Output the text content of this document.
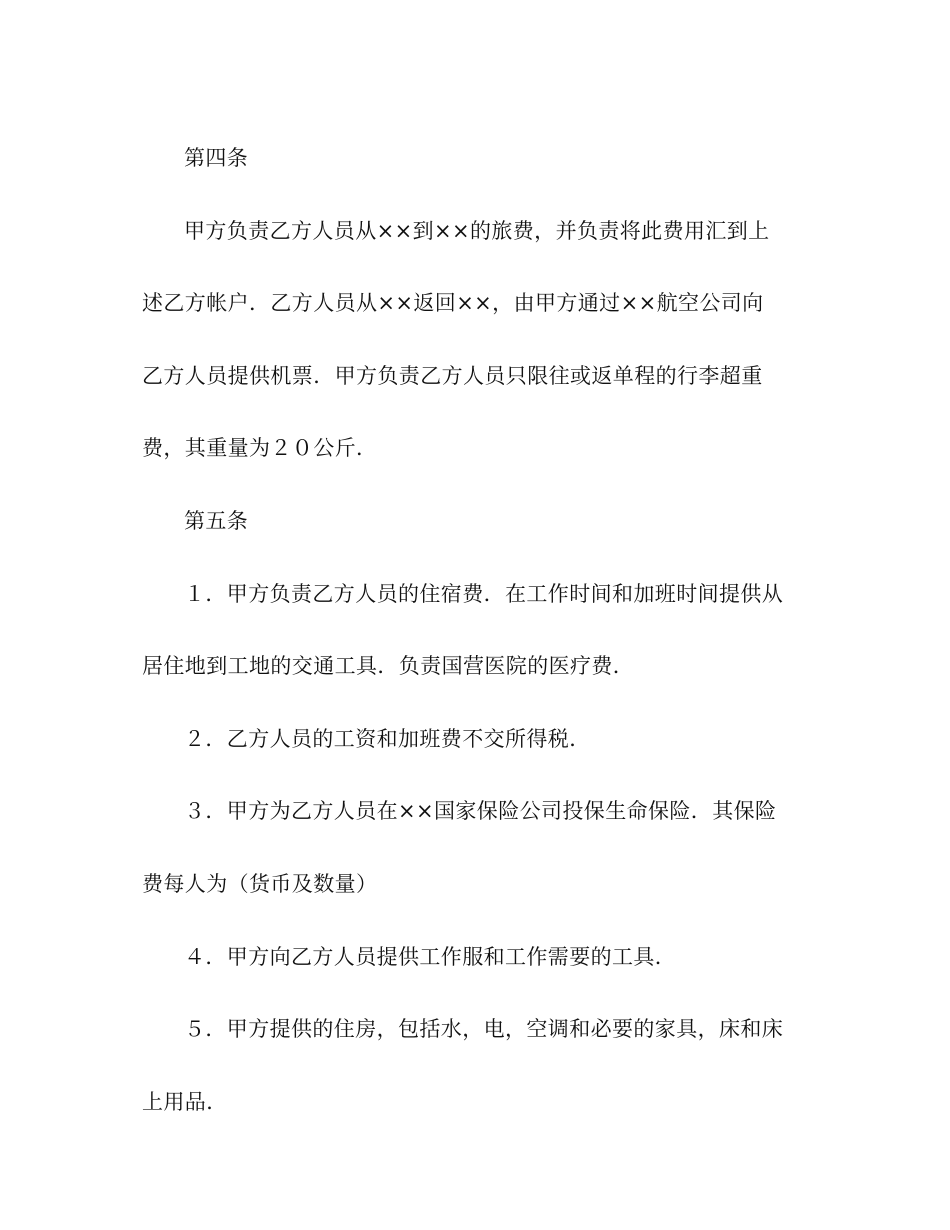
第四条
甲方负责乙方人员从××到××的旅费，并负责将此费用汇到上
述乙方帐户．乙方人员从××返回××，由甲方通过××航空公司向
乙方人员提供机票．甲方负责乙方人员只限往或返单程的行李超重
费，其重量为２０公斤．
第五条
１．甲方负责乙方人员的住宿费．在工作时间和加班时间提供从
居住地到工地的交通工具．负责国营医院的医疗费．
２．乙方人员的工资和加班费不交所得税．
３．甲方为乙方人员在××国家保险公司投保生命保险．其保险
费每人为（货币及数量）
４．甲方向乙方人员提供工作服和工作需要的工具．
５．甲方提供的住房，包括水，电，空调和必要的家具，床和床
上用品．
